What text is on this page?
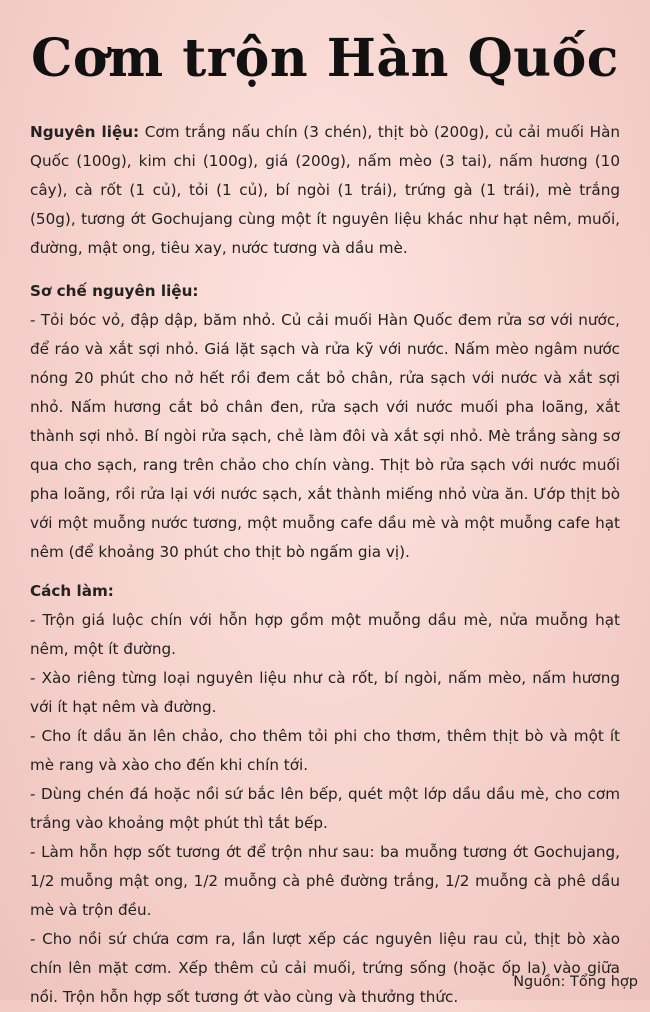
Cơm trộn Hàn Quốc

Nguyên liệu: Cơm trắng nấu chín (3 chén), thịt bò (200g), củ cải muối Hàn Quốc (100g), kim chi (100g), giá (200g), nấm mèo (3 tai), nấm hương (10 cây), cà rốt (1 củ), tỏi (1 củ), bí ngòi (1 trái), trứng gà (1 trái), mè trắng (50g), tương ớt Gochujang cùng một ít nguyên liệu khác như hạt nêm, muối, đường, mật ong, tiêu xay, nước tương và dầu mè.

Sơ chế nguyên liệu:

- Tỏi bóc vỏ, đập dập, băm nhỏ. Củ cải muối Hàn Quốc đem rửa sơ với nước, để ráo và xắt sợi nhỏ. Giá lặt sạch và rửa kỹ với nước. Nấm mèo ngâm nước nóng 20 phút cho nở hết rồi đem cắt bỏ chân, rửa sạch với nước và xắt sợi nhỏ. Nấm hương cắt bỏ chân đen, rửa sạch với nước muối pha loãng, xắt thành sợi nhỏ. Bí ngòi rửa sạch, chẻ làm đôi và xắt sợi nhỏ. Mè trắng sàng sơ qua cho sạch, rang trên chảo cho chín vàng. Thịt bò rửa sạch với nước muối pha loãng, rồi rửa lại với nước sạch, xắt thành miếng nhỏ vừa ăn. Ướp thịt bò với một muỗng nước tương, một muỗng cafe dầu mè và một muỗng cafe hạt nêm (để khoảng 30 phút cho thịt bò ngấm gia vị).

Cách làm:

- Trộn giá luộc chín với hỗn hợp gồm một muỗng dầu mè, nửa muỗng hạt nêm, một ít đường.

- Xào riêng từng loại nguyên liệu như cà rốt, bí ngòi, nấm mèo, nấm hương với ít hạt nêm và đường.

- Cho ít dầu ăn lên chảo, cho thêm tỏi phi cho thơm, thêm thịt bò và một ít mè rang và xào cho đến khi chín tới.

- Dùng chén đá hoặc nồi sứ bắc lên bếp, quét một lớp dầu dầu mè, cho cơm trắng vào khoảng một phút thì tắt bếp.

- Làm hỗn hợp sốt tương ớt để trộn như sau: ba muỗng tương ớt Gochujang, 1/2 muỗng mật ong, 1/2 muỗng cà phê đường trắng, 1/2 muỗng cà phê dầu mè và trộn đều.

- Cho nồi sứ chứa cơm ra, lần lượt xếp các nguyên liệu rau củ, thịt bò xào chín lên mặt cơm. Xếp thêm củ cải muối, trứng sống (hoặc ốp la) vào giữa nồi. Trộn hỗn hợp sốt tương ớt vào cùng và thưởng thức.

Nguồn: Tổng hợp
